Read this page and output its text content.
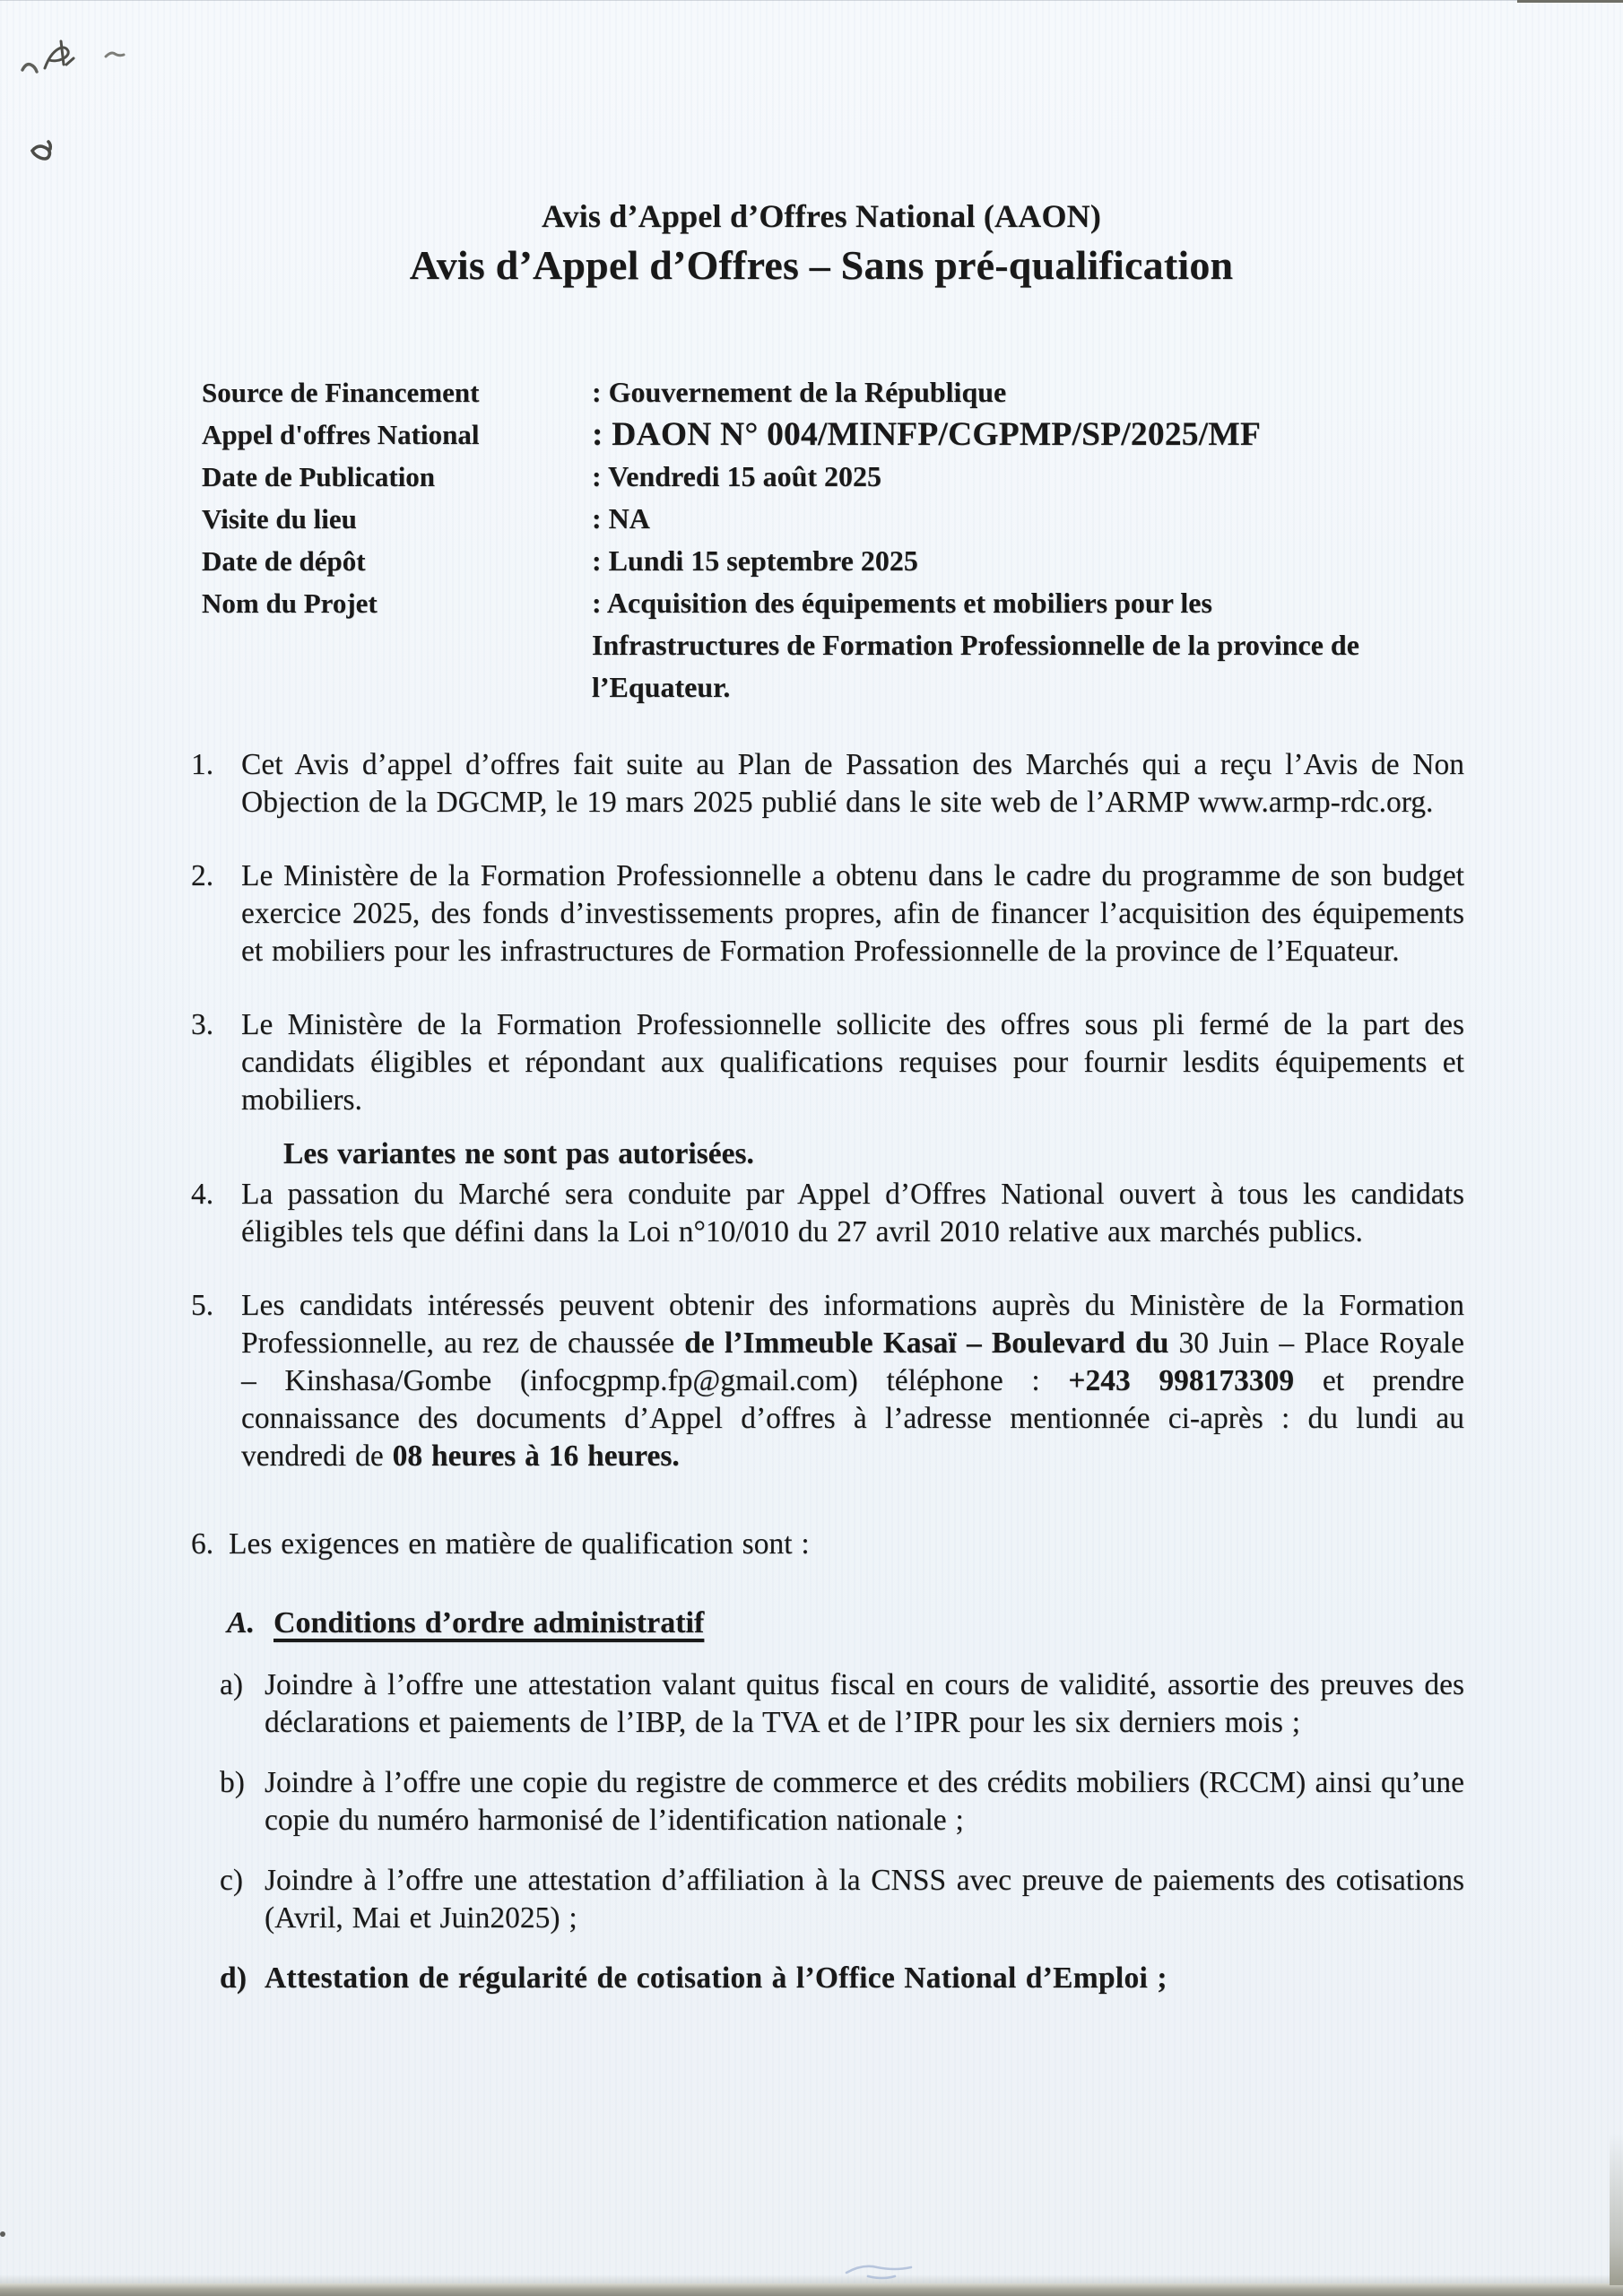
Avis d’Appel d’Offres National (AAON)
Avis d’Appel d’Offres – Sans pré-qualification
Source de Financement	: Gouvernement de la République
Appel d'offres National	: DAON N° 004/MINFP/CGPMP/SP/2025/MF
Date de Publication	: Vendredi 15 août 2025
Visite du lieu	: NA
Date de dépôt	: Lundi 15 septembre 2025
Nom du Projet	: Acquisition des équipements et mobiliers pour les Infrastructures de Formation Professionnelle de la province de l’Equateur.
1. Cet Avis d’appel d’offres fait suite au Plan de Passation des Marchés qui a reçu l’Avis de Non Objection de la DGCMP, le 19 mars 2025 publié dans le site web de l’ARMP www.armp-rdc.org.
2. Le Ministère de la Formation Professionnelle a obtenu dans le cadre du programme de son budget exercice 2025, des fonds d’investissements propres, afin de financer l’acquisition des équipements et mobiliers pour les infrastructures de Formation Professionnelle de la province de l’Equateur.
3. Le Ministère de la Formation Professionnelle sollicite des offres sous pli fermé de la part des candidats éligibles et répondant aux qualifications requises pour fournir lesdits équipements et mobiliers.
Les variantes ne sont pas autorisées.
4. La passation du Marché sera conduite par Appel d’Offres National ouvert à tous les candidats éligibles tels que défini dans la Loi n°10/010 du 27 avril 2010 relative aux marchés publics.
5. Les candidats intéressés peuvent obtenir des informations auprès du Ministère de la Formation Professionnelle, au rez de chaussée de l’Immeuble Kasaï – Boulevard du 30 Juin – Place Royale – Kinshasa/Gombe (infocgpmp.fp@gmail.com) téléphone : +243 998173309 et prendre connaissance des documents d’Appel d’offres à l’adresse mentionnée ci-après : du lundi au vendredi de 08 heures à 16 heures.
6. Les exigences en matière de qualification sont :
A. Conditions d’ordre administratif
a) Joindre à l’offre une attestation valant quitus fiscal en cours de validité, assortie des preuves des déclarations et paiements de l’IBP, de la TVA et de l’IPR pour les six derniers mois ;
b) Joindre à l’offre une copie du registre de commerce et des crédits mobiliers (RCCM) ainsi qu’une copie du numéro harmonisé de l’identification nationale ;
c) Joindre à l’offre une attestation d’affiliation à la CNSS avec preuve de paiements des cotisations (Avril, Mai et Juin2025) ;
d) Attestation de régularité de cotisation à l’Office National d’Emploi ;
